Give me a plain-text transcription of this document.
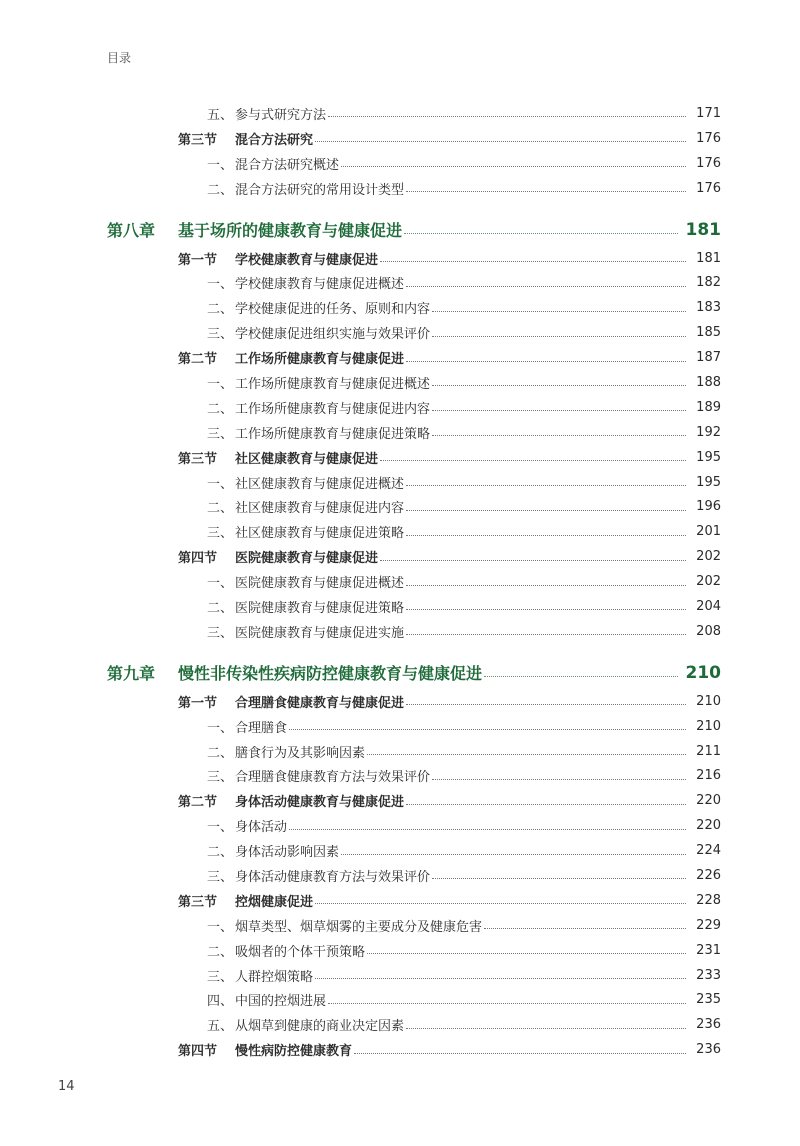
目录
五、 参与式研究方法	171
第三节	混合方法研究	176
一、 混合方法研究概述	176
二、 混合方法研究的常用设计类型	176
第八章	基于场所的健康教育与健康促进	181
第一节	学校健康教育与健康促进	181
一、 学校健康教育与健康促进概述	182
二、 学校健康促进的任务、原则和内容	183
三、 学校健康促进组织实施与效果评价	185
第二节	工作场所健康教育与健康促进	187
一、 工作场所健康教育与健康促进概述	188
二、 工作场所健康教育与健康促进内容	189
三、 工作场所健康教育与健康促进策略	192
第三节	社区健康教育与健康促进	195
一、 社区健康教育与健康促进概述	195
二、 社区健康教育与健康促进内容	196
三、 社区健康教育与健康促进策略	201
第四节	医院健康教育与健康促进	202
一、 医院健康教育与健康促进概述	202
二、 医院健康教育与健康促进策略	204
三、 医院健康教育与健康促进实施	208
第九章	慢性非传染性疾病防控健康教育与健康促进	210
第一节	合理膳食健康教育与健康促进	210
一、 合理膳食	210
二、 膳食行为及其影响因素	211
三、 合理膳食健康教育方法与效果评价	216
第二节	身体活动健康教育与健康促进	220
一、 身体活动	220
二、 身体活动影响因素	224
三、 身体活动健康教育方法与效果评价	226
第三节	控烟健康促进	228
一、 烟草类型、烟草烟雾的主要成分及健康危害	229
二、 吸烟者的个体干预策略	231
三、 人群控烟策略	233
四、 中国的控烟进展	235
五、 从烟草到健康的商业决定因素	236
第四节	慢性病防控健康教育	236
14
